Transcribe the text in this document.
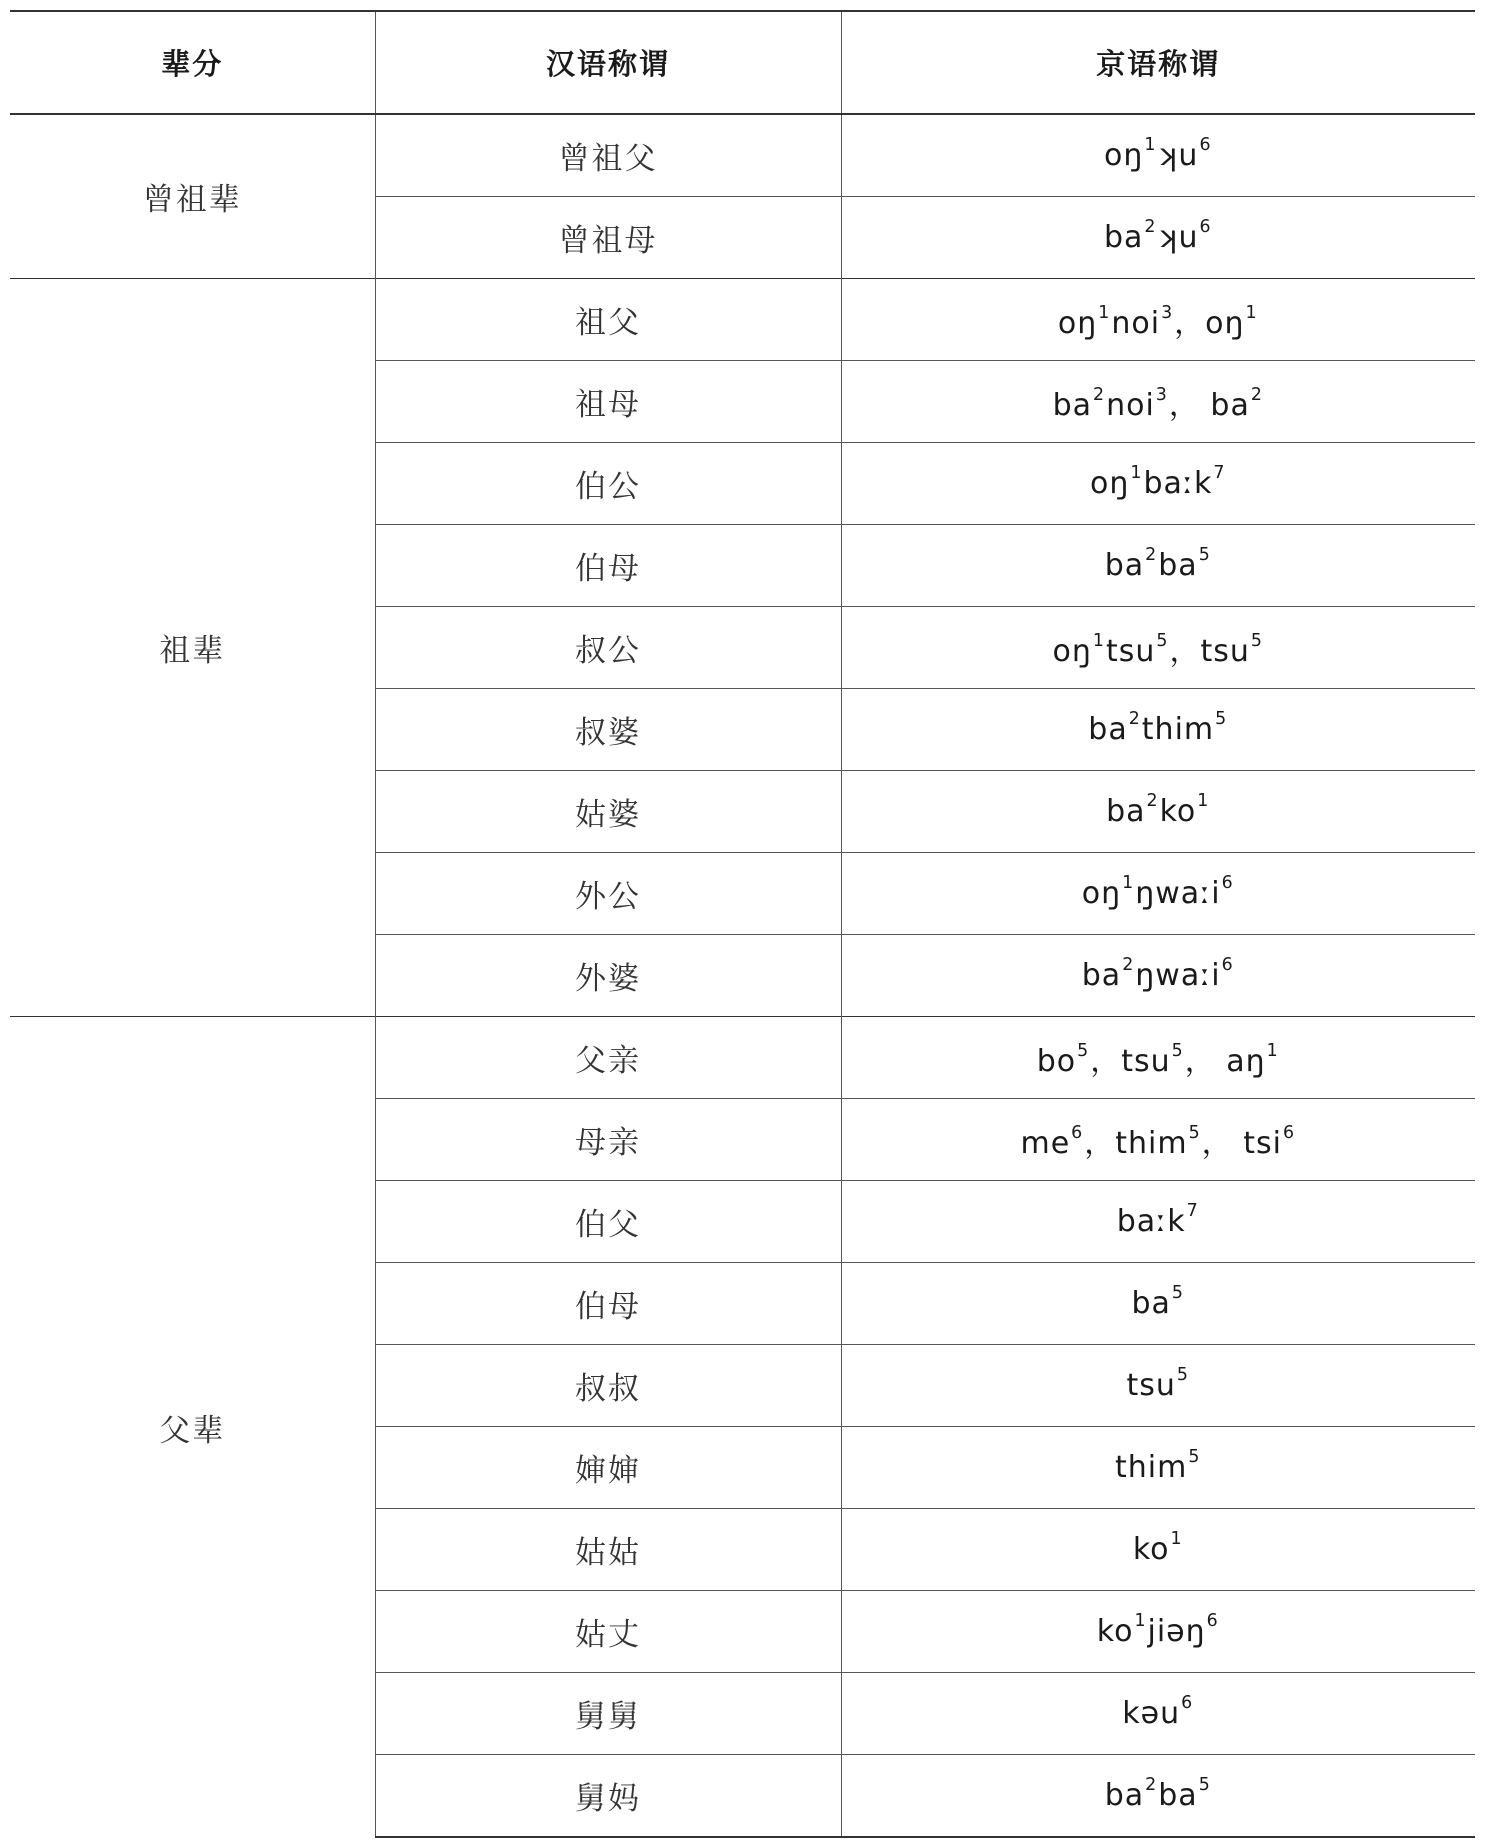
辈分	汉语称谓	京语称谓
曾祖辈	曾祖父	$oŋ^1ʞu^6$
	曾祖母	$ba^2ʞu^6$
祖辈	祖父	$oŋ^1noi^3$，$oŋ^1$
	祖母	$ba^2noi^3$， $ba^2$
	伯公	$oŋ^1baːk^7$
	伯母	$ba^2ba^5$
	叔公	$oŋ^1tsu^5$，tsu$^5$
	叔婆	$ba^2thim^5$
	姑婆	$ba^2ko^1$
	外公	$oŋ^1ŋwaːi^6$
	外婆	$ba^2ŋwaːi^6$
父辈	父亲	$bo^5$，tsu$^5$， $aŋ^1$
	母亲	$me^6$，thim$^5$， tsi$^6$
	伯父	baːk$^7$
	伯母	$ba^5$
	叔叔	tsu$^5$
	婶婶	thim$^5$
	姑姑	$ko^1$
	姑丈	$ko^1jiəŋ^6$
	舅舅	kəu$^6$
	舅妈	$ba^2ba^5$
